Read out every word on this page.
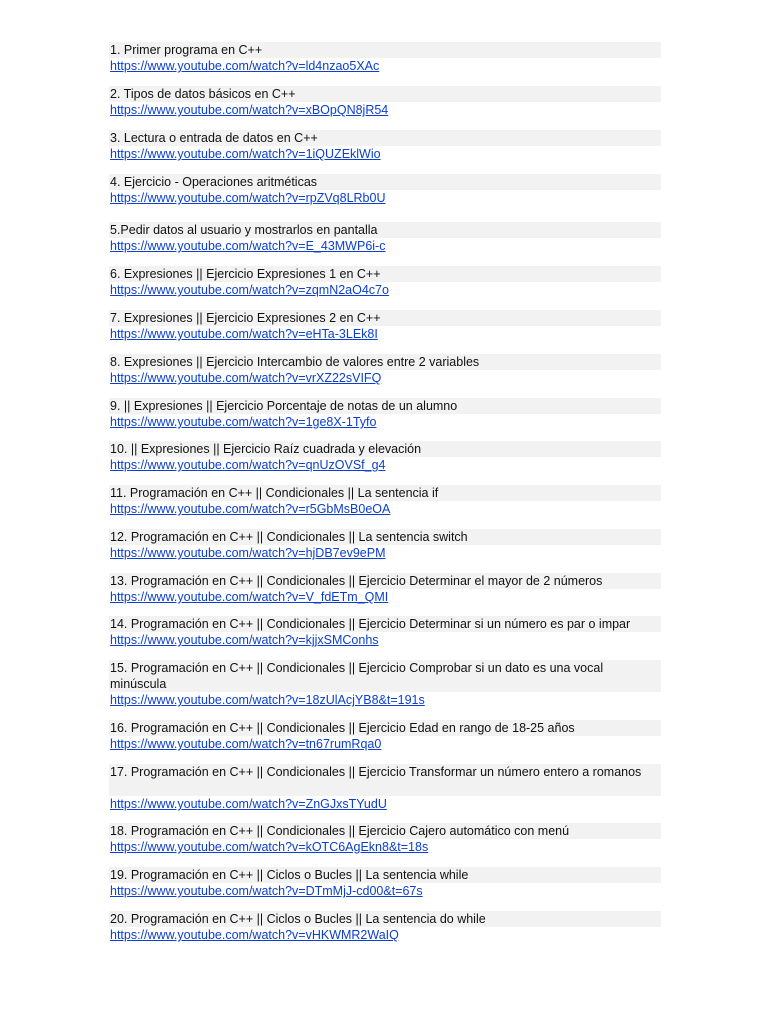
1. Primer programa en C++
https://www.youtube.com/watch?v=ld4nzao5XAc
2. Tipos de datos básicos en C++
https://www.youtube.com/watch?v=xBOpQN8jR54
3. Lectura o entrada de datos en C++
https://www.youtube.com/watch?v=1iQUZEklWio
4. Ejercicio - Operaciones aritméticas
https://www.youtube.com/watch?v=rpZVq8LRb0U
5.Pedir datos al usuario y mostrarlos en pantalla
https://www.youtube.com/watch?v=E_43MWP6i-c
6. Expresiones || Ejercicio Expresiones 1 en C++
https://www.youtube.com/watch?v=zqmN2aO4c7o
7. Expresiones || Ejercicio Expresiones 2 en C++
https://www.youtube.com/watch?v=eHTa-3LEk8I
8. Expresiones || Ejercicio Intercambio de valores entre 2 variables
https://www.youtube.com/watch?v=vrXZ22sVIFQ
9. || Expresiones || Ejercicio Porcentaje de notas de un alumno
https://www.youtube.com/watch?v=1ge8X-1Tyfo
10. || Expresiones || Ejercicio Raíz cuadrada y elevación
https://www.youtube.com/watch?v=qnUzOVSf_g4
11. Programación en C++ || Condicionales || La sentencia if
https://www.youtube.com/watch?v=r5GbMsB0eOA
12. Programación en C++ || Condicionales || La sentencia switch
https://www.youtube.com/watch?v=hjDB7ev9ePM
13. Programación en C++ || Condicionales || Ejercicio Determinar el mayor de 2 números
https://www.youtube.com/watch?v=V_fdETm_QMI
14. Programación en C++ || Condicionales || Ejercicio Determinar si un número es par o impar
https://www.youtube.com/watch?v=kjjxSMConhs
15. Programación en C++ || Condicionales || Ejercicio Comprobar si un dato es una vocal minúscula
https://www.youtube.com/watch?v=18zUlAcjYB8&t=191s
16. Programación en C++ || Condicionales || Ejercicio Edad en rango de 18-25 años
https://www.youtube.com/watch?v=tn67rumRqa0
17. Programación en C++ || Condicionales || Ejercicio Transformar un número entero a romanos
https://www.youtube.com/watch?v=ZnGJxsTYudU
18. Programación en C++ || Condicionales || Ejercicio Cajero automático con menú
https://www.youtube.com/watch?v=kOTC6AgEkn8&t=18s
19. Programación en C++ || Ciclos o Bucles || La sentencia while
https://www.youtube.com/watch?v=DTmMjJ-cd00&t=67s
20. Programación en C++ || Ciclos o Bucles || La sentencia do while
https://www.youtube.com/watch?v=vHKWMR2WaIQ
